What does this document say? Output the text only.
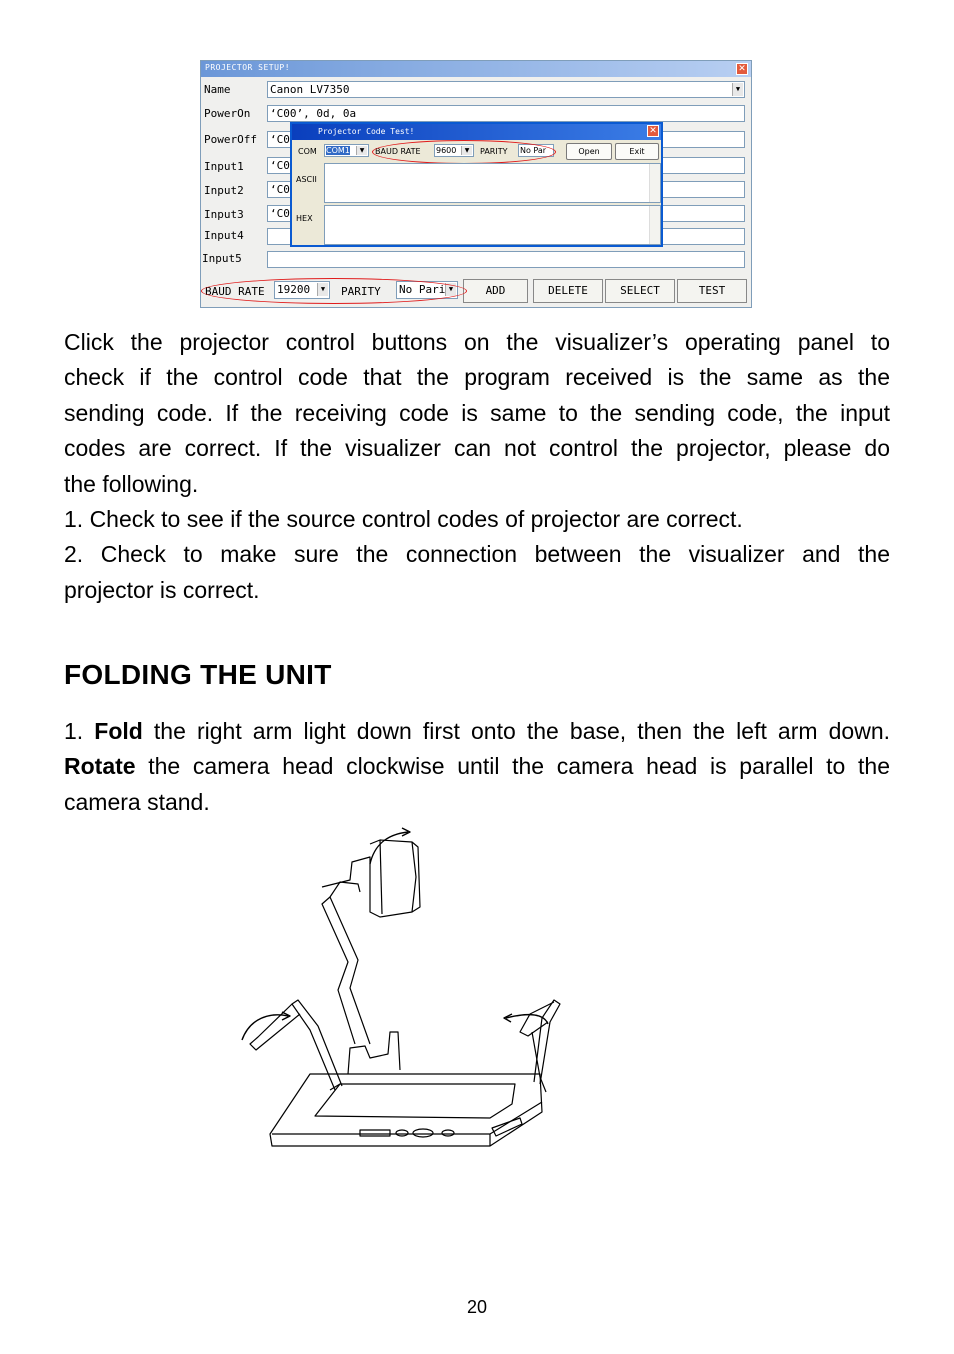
PROJECTOR SETUP!	✕
Name	Canon LV7350	▼
PowerOn ‘C00’, 0d, 0a
PowerOff ‘C0
Input1 ‘C0
Input2 ‘C0
Input3 ‘C0
Input4
Input5
BAUD RATE 19200	▼ PARITY No Pari ▼	ADD	DELETE	SELECT	TEST
Projector Code Test!	✕
COM COM1	▼	BAUD RATE 9600	▼	PARITY No Par	Open	Exit
ASCII
HEX
Click the projector control buttons on the visualizer’s operating panel to
check if the control code that the program received is the same as the
sending code. If the receiving code is same to the sending code, the input
codes are correct. If the visualizer can not control the projector, please do
the following.
1. Check to see if the source control codes of projector are correct.
2. Check to make sure the connection between the visualizer and the
projector is correct.
FOLDING THE UNIT
1. Fold the right arm light down first onto the base, then the left arm down.
Rotate the camera head clockwise until the camera head is parallel to the
camera stand.
20
